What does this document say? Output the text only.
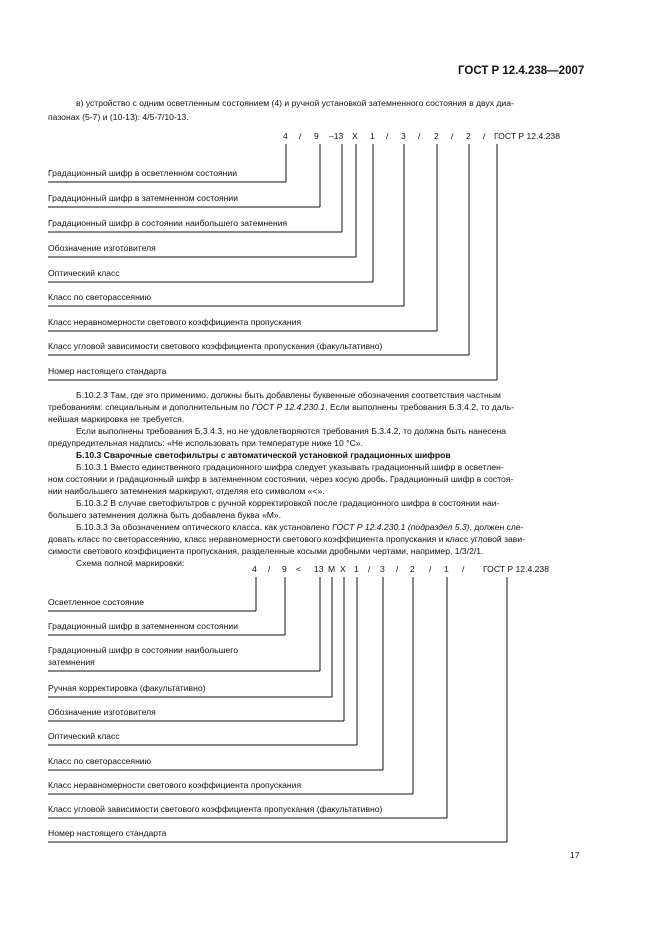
ГОСТ Р 12.4.238—2007
в) устройство с одним осветленным состоянием (4) и ручной установкой затемненного состояния в двух диа-
пазонах (5-7) и (10-13): 4/5-7/10-13.
4 / 9 –13 X 1 / 3 / 2 / 2 / ГОСТ Р 12.4.238
Градационный шифр в осветленном состоянии
Градационный шифр в затемненном состоянии
Градационный шифр в состоянии наибольшего затемнения
Обозначение изготовителя
Оптический класс
Класс по светорассеянию
Класс неравномерности светового коэффициента пропускания
Класс угловой зависимости светового коэффициента пропускания (факультативно)
Номер настоящего стандарта
Б.10.2.3 Там, где это применимо, должны быть добавлены буквенные обозначения соответствия частным
требованиям: специальным и дополнительным по ГОСТ Р 12.4.230.1. Если выполнены требования Б.3.4.2, то даль-
нейшая маркировка не требуется.
Если выполнены требования Б.3.4.3, но не удовлетворяются требования Б.3.4.2, то должна быть нанесена
предупредительная надпись: «Не использовать при температуре ниже 10 °С».
Б.10.3 Сварочные светофильтры с автоматической установкой градационных шифров
Б.10.3.1 Вместо единственного градационного шифра следует указывать градационный шифр в осветлен-
ном состоянии и градационный шифр в затемненном состоянии, через косую дробь. Градационный шифр в состоя-
нии наибольшего затемнения маркируют, отделяя его символом «<».
Б.10.3.2 В случае светофильтров с ручной корректировкой после градационного шифра в состоянии наи-
большего затемнения должна быть добавлена буква «М».
Б.10.3.3 За обозначением оптического класса, как установлено ГОСТ Р 12.4.230.1 (подраздел 5.3), должен сле-
довать класс по светорассеянию, класс неравномерности светового коэффициента пропускания и класс угловой зави-
симости светового коэффициента пропускания, разделенные косыми дробными чертами, например, 1/3/2/1.
Схема полной маркировки:
4 / 9 < 13 M X 1 / 3 / 2 / 1 / ГОСТ Р 12.4.238
Осветленное состояние
Градационный шифр в затемненном состоянии
Градационный шифр в состоянии наибольшего
затемнения
Ручная корректировка (факультативно)
Обозначение изготовителя
Оптический класс
Класс по светорассеянию
Класс неравномерности светового коэффициента пропускания
Класс угловой зависимости светового коэффициента пропускания (факультативно)
Номер настоящего стандарта
17
